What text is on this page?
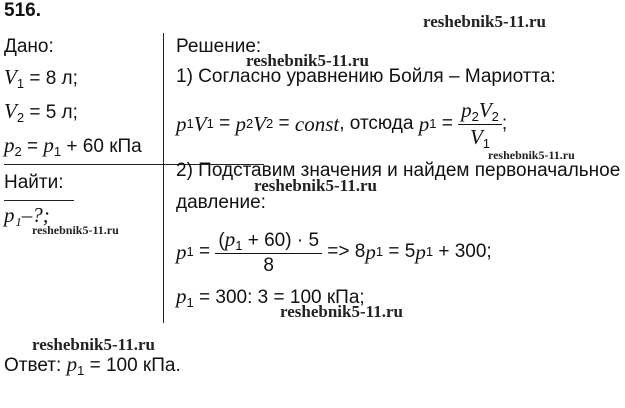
516.
reshebnik5-11.ru
reshebnik5-11.ru
reshebnik5-11.ru
reshebnik5-11.ru
reshebnik5-11.ru
reshebnik5-11.ru
reshebnik5-11.ru
Дано:
$V_1 = 8$ л;
$V_2 = 5$ л;
$p_2 = p_1 + 60$ кПа
Найти:
p₁–?;
Решение:
1) Согласно уравнению Бойля – Мариотта:
p 1 V 1 = p 2 V 2 = const , отсюда
p $1 = \frac{p_2V_2}{V_1}$ ;
2) Подставим значения и найдем первоначальное
давление:
p $1 = \frac{(p_1 + 60) \cdot 5}{8} => 8$ p 1 = 5 p 1 + 300;
$p_1 = 300$: 3 = 100 кПа;
Ответ: $p_1 = 100$ кПа.
